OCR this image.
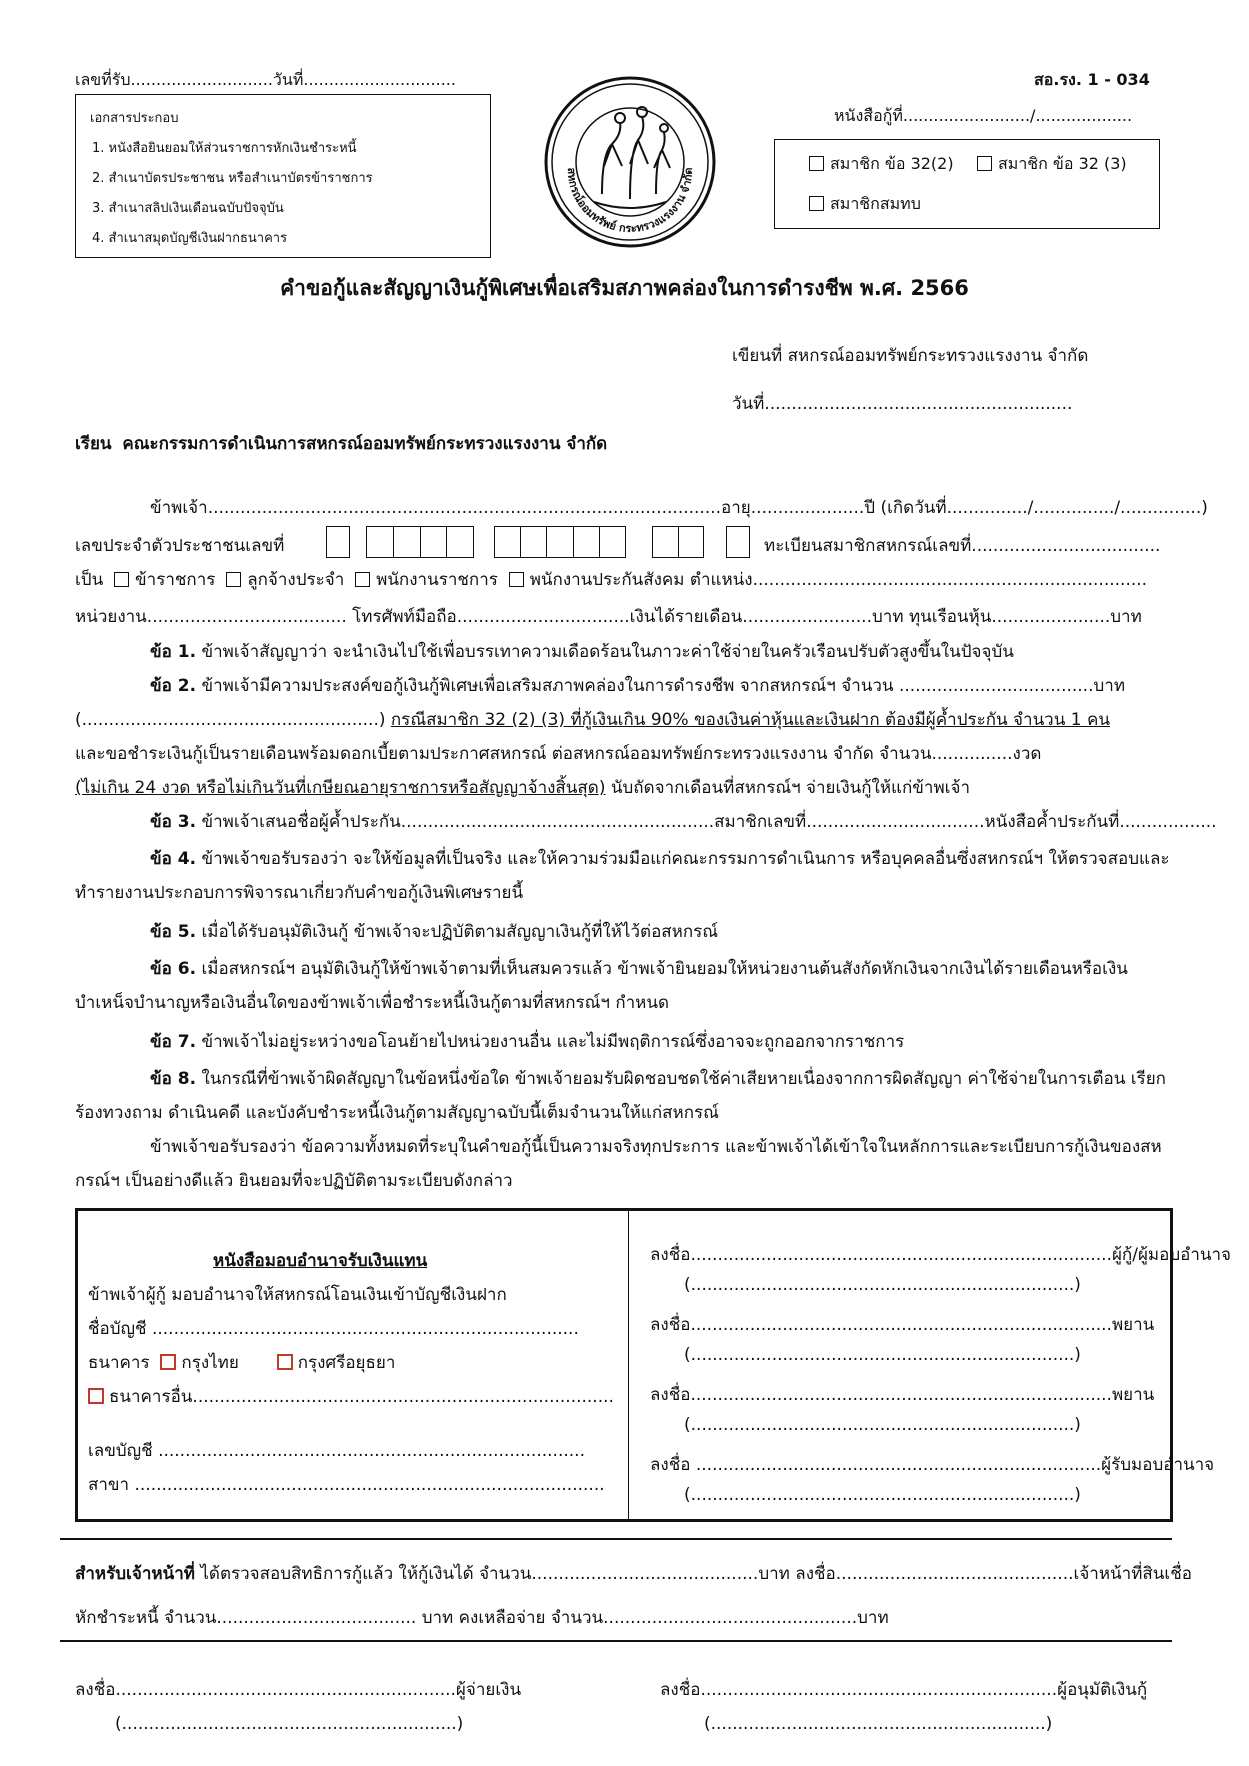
เลขที่รับ............................วันที่..............................	สอ.รง. 1 - 034
หนังสือกู้ที่........................./...................
เอกสารประกอบ
1. หนังสือยินยอมให้ส่วนราชการหักเงินชำระหนี้
2. สำเนาบัตรประชาชน หรือสำเนาบัตรข้าราชการ
3. สำเนาสลิปเงินเดือนฉบับปัจจุบัน
4. สำเนาสมุดบัญชีเงินฝากธนาคาร
สหกรณ์ออมทรัพย์ กระทรวงแรงงาน จำกัด	สมาชิก ข้อ 32(2)	สมาชิก ข้อ 32 (3)
สมาชิกสมทบ
คำขอกู้และสัญญาเงินกู้พิเศษเพื่อเสริมสภาพคล่องในการดำรงชีพ พ.ศ. 2566
เขียนที่ สหกรณ์ออมทรัพย์กระทรวงแรงงาน จำกัด
วันที่.........................................................
เรียน คณะกรรมการดำเนินการสหกรณ์ออมทรัพย์กระทรวงแรงงาน จำกัด
ข้าพเจ้า...............................................................................................อายุ.....................ปี (เกิดวันที่.............../.............../...............)
เลขประจำตัวประชาชนเลขที่	ทะเบียนสมาชิกสหกรณ์เลขที่...................................
เป็น ข้าราชการ ลูกจ้างประจำ พนักงานราชการ พนักงานประกันสังคม ตำแหน่ง.........................................................................
หน่วยงาน..................................... โทรศัพท์มือถือ................................เงินได้รายเดือน........................บาท ทุนเรือนหุ้น......................บาท
ข้อ 1. ข้าพเจ้าสัญญาว่า จะนำเงินไปใช้เพื่อบรรเทาความเดือดร้อนในภาวะค่าใช้จ่ายในครัวเรือนปรับตัวสูงขึ้นในปัจจุบัน
ข้อ 2. ข้าพเจ้ามีความประสงค์ขอกู้เงินกู้พิเศษเพื่อเสริมสภาพคล่องในการดำรงชีพ จากสหกรณ์ฯ จำนวน ....................................บาท
(.......................................................) กรณีสมาชิก 32 (2) (3) ที่กู้เงินเกิน 90% ของเงินค่าหุ้นและเงินฝาก ต้องมีผู้ค้ำประกัน จำนวน 1 คน
และขอชำระเงินกู้เป็นรายเดือนพร้อมดอกเบี้ยตามประกาศสหกรณ์ ต่อสหกรณ์ออมทรัพย์กระทรวงแรงงาน จำกัด จำนวน...............งวด
(ไม่เกิน 24 งวด หรือไม่เกินวันที่เกษียณอายุราชการหรือสัญญาจ้างสิ้นสุด) นับถัดจากเดือนที่สหกรณ์ฯ จ่ายเงินกู้ให้แก่ข้าพเจ้า
ข้อ 3. ข้าพเจ้าเสนอชื่อผู้ค้ำประกัน..........................................................สมาชิกเลขที่.................................หนังสือค้ำประกันที่..................
ข้อ 4. ข้าพเจ้าขอรับรองว่า จะให้ข้อมูลที่เป็นจริง และให้ความร่วมมือแก่คณะกรรมการดำเนินการ หรือบุคคลอื่นซึ่งสหกรณ์ฯ ให้ตรวจสอบและทำรายงานประกอบการพิจารณาเกี่ยวกับคำขอกู้เงินพิเศษรายนี้
ข้อ 5. เมื่อได้รับอนุมัติเงินกู้ ข้าพเจ้าจะปฏิบัติตามสัญญาเงินกู้ที่ให้ไว้ต่อสหกรณ์
ข้อ 6. เมื่อสหกรณ์ฯ อนุมัติเงินกู้ให้ข้าพเจ้าตามที่เห็นสมควรแล้ว ข้าพเจ้ายินยอมให้หน่วยงานต้นสังกัดหักเงินจากเงินได้รายเดือนหรือเงินบำเหน็จบำนาญหรือเงินอื่นใดของข้าพเจ้าเพื่อชำระหนี้เงินกู้ตามที่สหกรณ์ฯ กำหนด
ข้อ 7. ข้าพเจ้าไม่อยู่ระหว่างขอโอนย้ายไปหน่วยงานอื่น และไม่มีพฤติการณ์ซึ่งอาจจะถูกออกจากราชการ
ข้อ 8. ในกรณีที่ข้าพเจ้าผิดสัญญาในข้อหนึ่งข้อใด ข้าพเจ้ายอมรับผิดชอบชดใช้ค่าเสียหายเนื่องจากการผิดสัญญา ค่าใช้จ่ายในการเตือน เรียกร้องทวงถาม ดำเนินคดี และบังคับชำระหนี้เงินกู้ตามสัญญาฉบับนี้เต็มจำนวนให้แก่สหกรณ์
ข้าพเจ้าขอรับรองว่า ข้อความทั้งหมดที่ระบุในคำขอกู้นี้เป็นความจริงทุกประการ และข้าพเจ้าได้เข้าใจในหลักการและระเบียบการกู้เงินของสหกรณ์ฯ เป็นอย่างดีแล้ว ยินยอมที่จะปฏิบัติตามระเบียบดังกล่าว
หนังสือมอบอำนาจรับเงินแทน
ข้าพเจ้าผู้กู้ มอบอำนาจให้สหกรณ์โอนเงินเข้าบัญชีเงินฝาก
ชื่อบัญชี ...............................................................................
ธนาคาร กรุงไทย	กรุงศรีอยุธยา
ธนาคารอื่น..............................................................................
เลขบัญชี ...............................................................................
สาขา .......................................................................................
ลงชื่อ..............................................................................ผู้กู้/ผู้มอบอำนาจ
(.......................................................................)
ลงชื่อ..............................................................................พยาน
(.......................................................................)
ลงชื่อ..............................................................................พยาน
(.......................................................................)
ลงชื่อ ...........................................................................ผู้รับมอบอำนาจ
(.......................................................................)
สำหรับเจ้าหน้าที่ ได้ตรวจสอบสิทธิการกู้แล้ว ให้กู้เงินได้ จำนวน..........................................บาท ลงชื่อ............................................เจ้าหน้าที่สินเชื่อ
หักชำระหนี้ จำนวน..................................... บาท คงเหลือจ่าย จำนวน...............................................บาท
ลงชื่อ...............................................................ผู้จ่ายเงิน
(..............................................................)
ลงชื่อ..................................................................ผู้อนุมัติเงินกู้
(..............................................................)
